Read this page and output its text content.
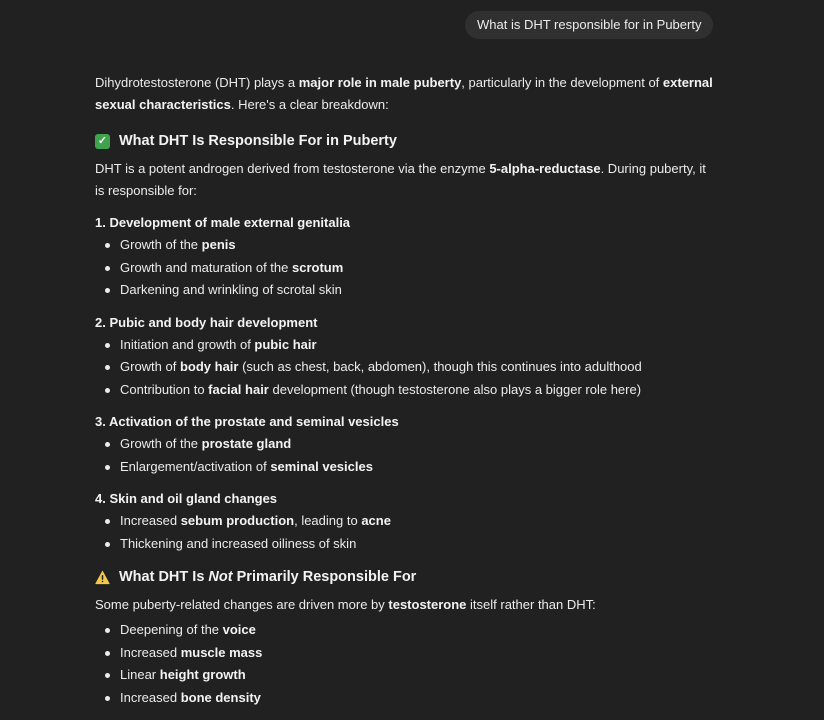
What is DHT responsible for in Puberty

Dihydrotestosterone (DHT) plays a major role in male puberty, particularly in the development of external sexual characteristics. Here's a clear breakdown:

✓ What DHT Is Responsible For in Puberty

DHT is a potent androgen derived from testosterone via the enzyme 5-alpha-reductase. During puberty, it is responsible for:

1. Development of male external genitalia
Growth of the penis
Growth and maturation of the scrotum
Darkening and wrinkling of scrotal skin
2. Pubic and body hair development
Initiation and growth of pubic hair
Growth of body hair (such as chest, back, abdomen), though this continues into adulthood
Contribution to facial hair development (though testosterone also plays a bigger role here)
3. Activation of the prostate and seminal vesicles
Growth of the prostate gland
Enlargement/activation of seminal vesicles
4. Skin and oil gland changes
Increased sebum production, leading to acne
Thickening and increased oiliness of skin
What DHT Is
Not
Primarily Responsible For

Some puberty-related changes are driven more by testosterone itself rather than DHT:

Deepening of the voice
Increased muscle mass
Linear height growth
Increased bone density
